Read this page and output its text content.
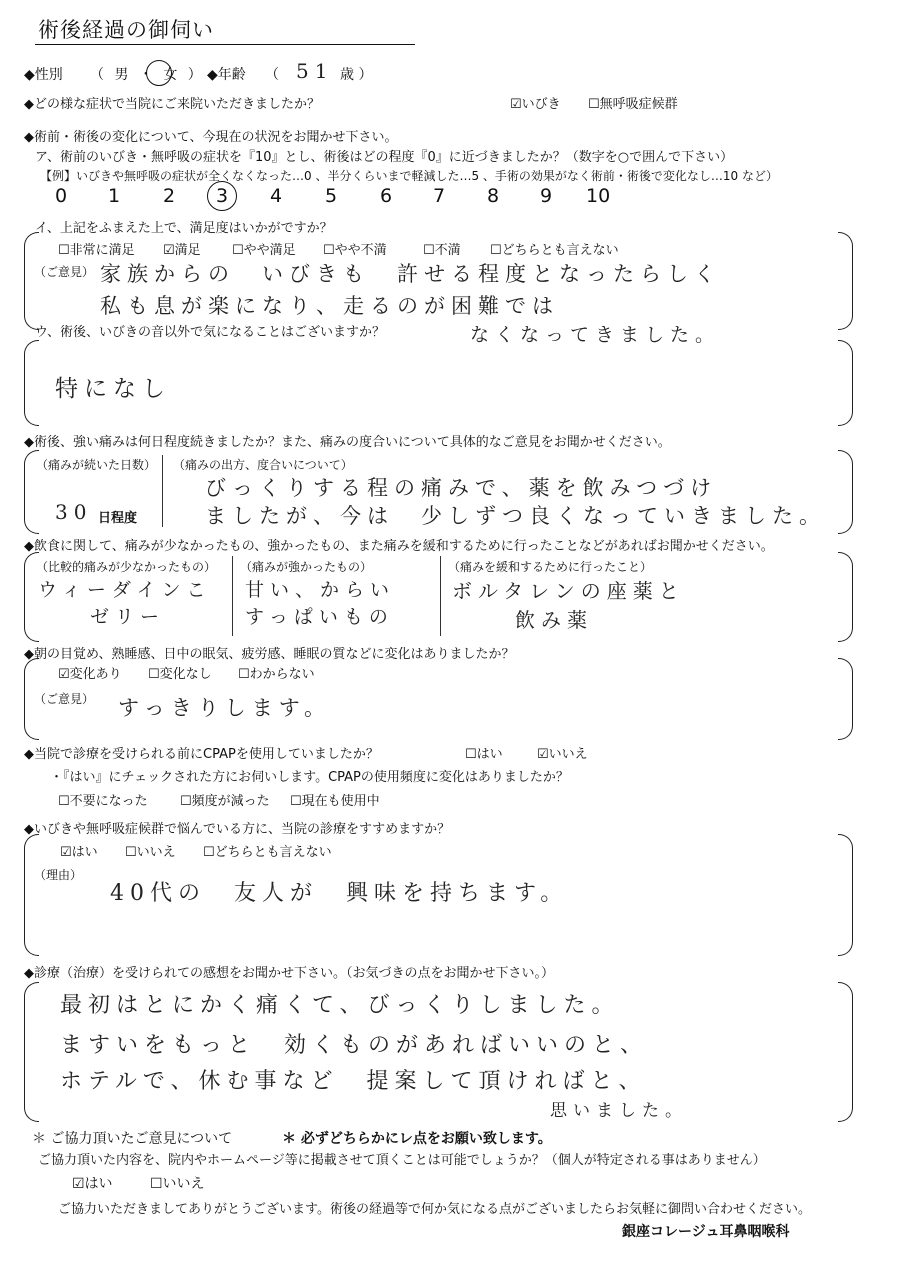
術後経過の御伺い
◆性別 （ 男 ・ 女 ） ◆年齢 （ 51 歳 ）
◆どの様な症状で当院にご来院いただきましたか？	☑いびき ☐無呼吸症候群
◆術前・術後の変化について、今現在の状況をお聞かせ下さい。
ア、術前のいびき・無呼吸の症状を『10』とし、術後はどの程度『0』に近づきましたか？（数字を○で囲んで下さい）
【例】いびきや無呼吸の症状が全くなくなった…0 、半分くらいまで軽減した…5 、手術の効果がなく術前・術後で変化なし…10 など）
0 1 2 3 4 5 6 7 8 9 10
イ、上記をふまえた上で、満足度はいかがですか？
☐非常に満足 ☑満足 ☐やや満足 ☐やや不満	☐不満 ☐どちらとも言えない
（ご意見） 家族からの　いびきも　許せる程度となったらしく
私も息が楽になり、走るのが困難では
なくなってきました。
ウ、術後、いびきの音以外で気になることはございますか？
特になし
◆術後、強い痛みは何日程度続きましたか？また、痛みの度合いについて具体的なご意見をお聞かせください。
（痛みが続いた日数）
30 日程度
（痛みの出方、度合いについて）
びっくりする程の痛みで、薬を飲みつづけ
ましたが、今は　少しずつ良くなっていきました。
◆飲食に関して、痛みが少なかったもの、強かったもの、また痛みを緩和するために行ったことなどがあればお聞かせください。
（比較的痛みが少なかったもの）
ウィーダインこ
ゼリー
（痛みが強かったもの）
甘い、からい
すっぱいもの
（痛みを緩和するために行ったこと）
ボルタレンの座薬と
飲み薬
◆朝の目覚め、熟睡感、日中の眠気、疲労感、睡眠の質などに変化はありましたか？
☑変化あり ☐変化なし ☐わからない
（ご意見） すっきりします。
◆当院で診療を受けられる前にCPAPを使用していましたか？	☐はい	☑いいえ
・『はい』にチェックされた方にお伺いします。CPAPの使用頻度に変化はありましたか？
☐不要になった ☐頻度が減った ☐現在も使用中
◆いびきや無呼吸症候群で悩んでいる方に、当院の診療をすすめますか？
☑はい ☐いいえ ☐どちらとも言えない
（理由）
40代の　友人が　興味を持ちます。
◆診療（治療）を受けられての感想をお聞かせ下さい。（お気づきの点をお聞かせ下さい。）
最初はとにかく痛くて、びっくりしました。
ますいをもっと　効くものがあればいいのと、
ホテルで、休む事など　提案して頂ければと、
思いました。
＊ ご協力頂いたご意見について	＊ 必ずどちらかにレ点をお願い致します。
ご協力頂いた内容を、院内やホームページ等に掲載させて頂くことは可能でしょうか？（個人が特定される事はありません）
☑はい	☐いいえ
ご協力いただきましてありがとうございます。術後の経過等で何か気になる点がございましたらお気軽に御問い合わせください。
銀座コレージュ耳鼻咽喉科
